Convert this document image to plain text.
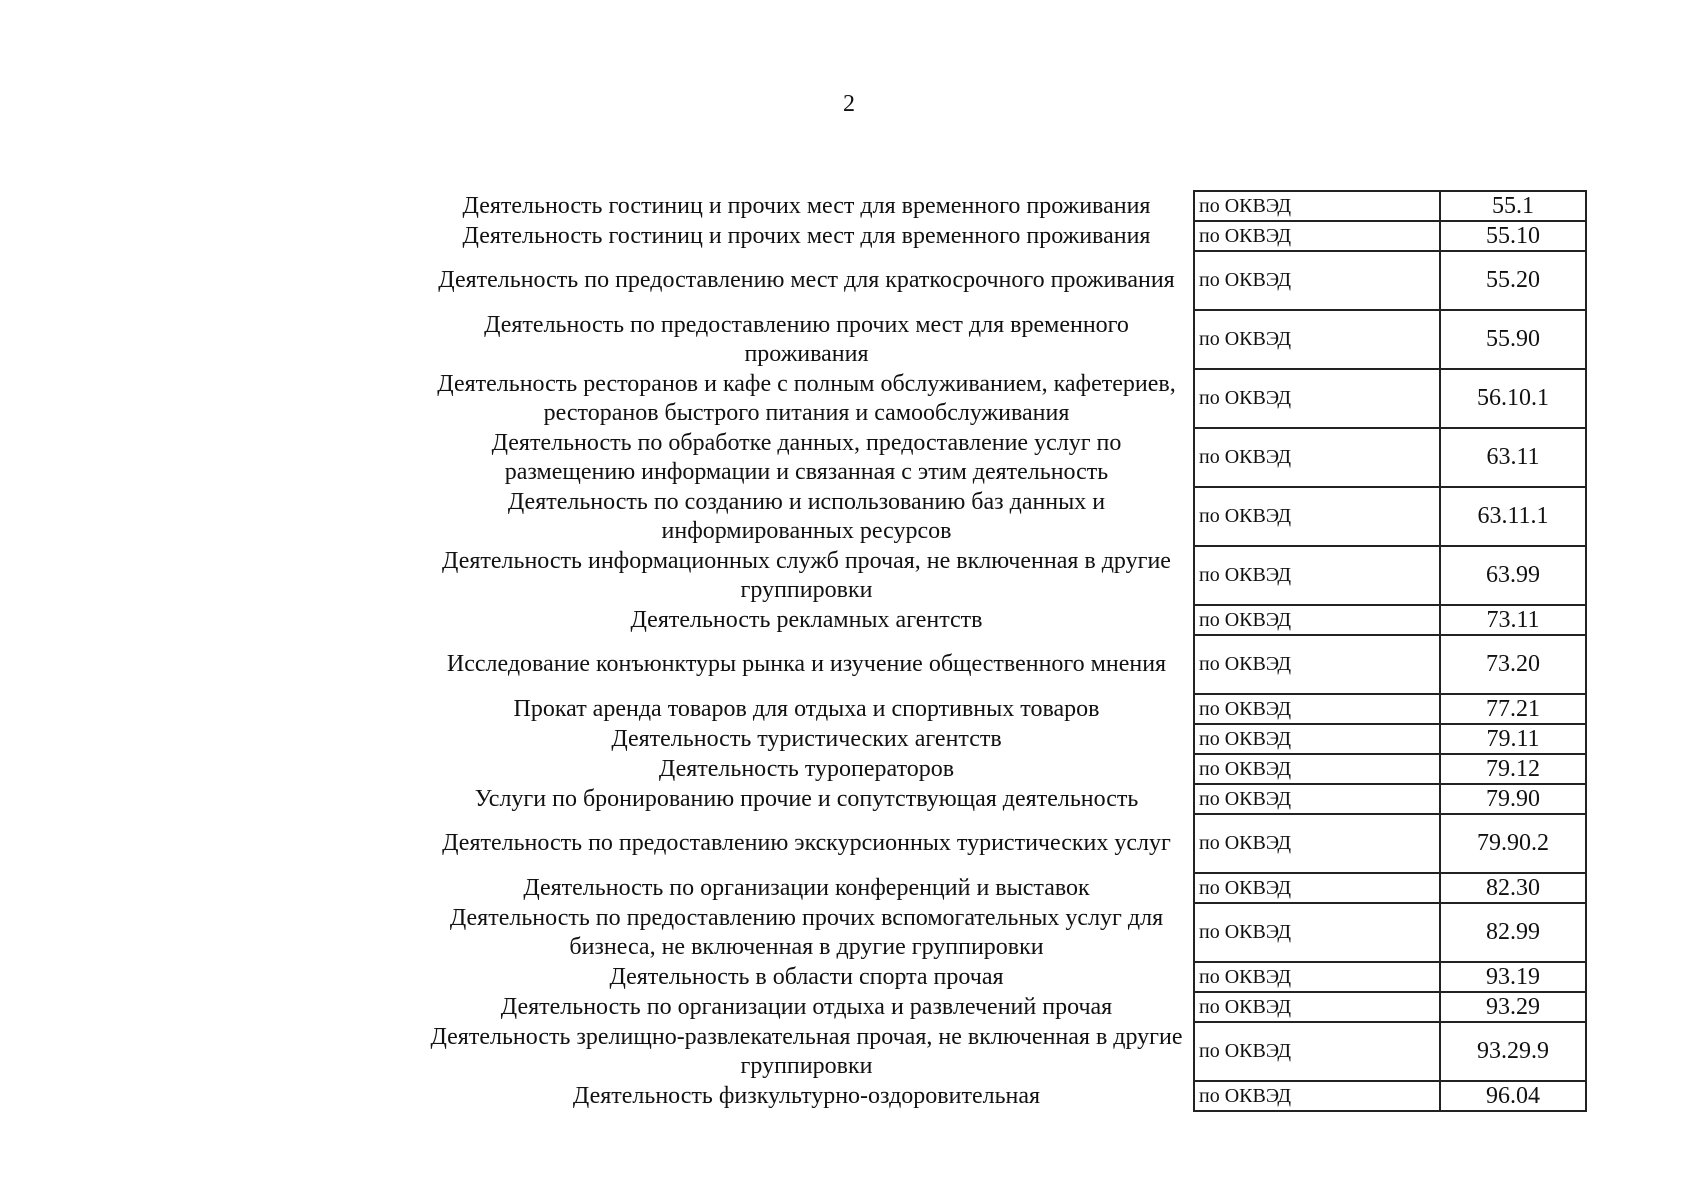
2
Деятельность гостиниц и прочих мест для временного проживания	по ОКВЭД	55.1
Деятельность гостиниц и прочих мест для временного проживания	по ОКВЭД	55.10
Деятельность по предоставлению мест для краткосрочного проживания	по ОКВЭД	55.20
Деятельность по предоставлению прочих мест для временного проживания	по ОКВЭД	55.90
Деятельность ресторанов и кафе с полным обслуживанием, кафетериев, ресторанов быстрого питания и самообслуживания	по ОКВЭД	56.10.1
Деятельность по обработке данных, предоставление услуг по размещению информации и связанная с этим деятельность	по ОКВЭД	63.11
Деятельность по созданию и использованию баз данных и информированных ресурсов	по ОКВЭД	63.11.1
Деятельность информационных служб прочая, не включенная в другие группировки	по ОКВЭД	63.99
Деятельность рекламных агентств	по ОКВЭД	73.11
Исследование конъюнктуры рынка и изучение общественного мнения	по ОКВЭД	73.20
Прокат аренда товаров для отдыха и спортивных товаров	по ОКВЭД	77.21
Деятельность туристических агентств	по ОКВЭД	79.11
Деятельность туроператоров	по ОКВЭД	79.12
Услуги по бронированию прочие и сопутствующая деятельность	по ОКВЭД	79.90
Деятельность по предоставлению экскурсионных туристических услуг	по ОКВЭД	79.90.2
Деятельность по организации конференций и выставок	по ОКВЭД	82.30
Деятельность по предоставлению прочих вспомогательных услуг для бизнеса, не включенная в другие группировки	по ОКВЭД	82.99
Деятельность в области спорта прочая	по ОКВЭД	93.19
Деятельность по организации отдыха и развлечений прочая	по ОКВЭД	93.29
Деятельность зрелищно-развлекательная прочая, не включенная в другие группировки	по ОКВЭД	93.29.9
Деятельность физкультурно-оздоровительная	по ОКВЭД	96.04
